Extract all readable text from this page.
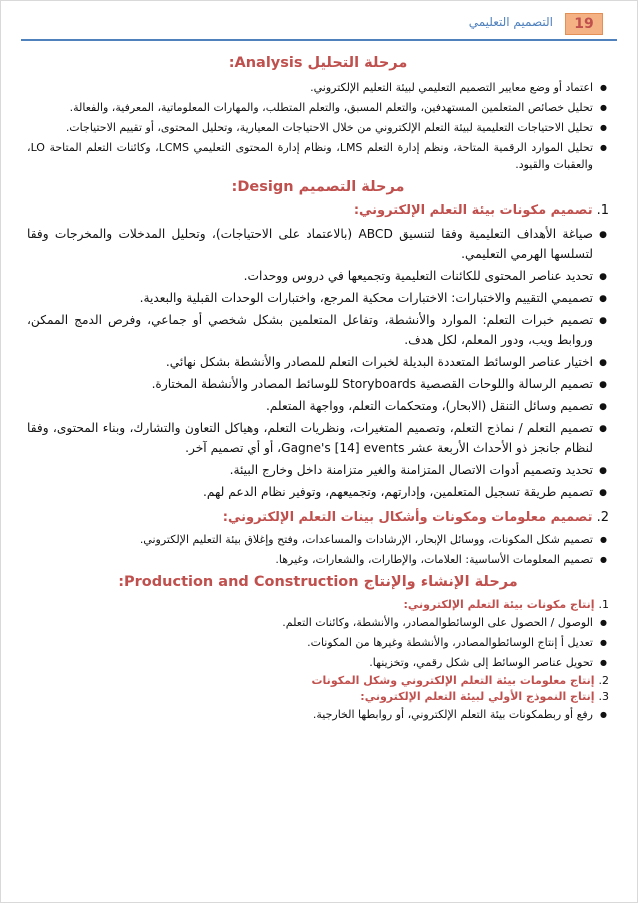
19
التصميم التعليمي
مرحلة التحليل Analysis:
● اعتماد أو وضع معايير التصميم التعليمي لبيئة التعليم الإلكتروني.
● تحليل خصائص المتعلمين المستهدفين، والتعلم المسبق، والتعلم المتطلب، والمهارات المعلوماتية، المعرفية، والفعالة.
● تحليل الاحتياجات التعليمية لبيئة التعلم الإلكتروني من خلال الاحتياجات المعيارية، وتحليل المحتوى، أو تقييم الاحتياجات.
● تحليل الموارد الرقمية المتاحة، ونظم إدارة التعلم LMS، ونظام إدارة المحتوى التعليمي LCMS، وكائنات التعلم المتاحة LO، والعقبات والقيود.
مرحلة التصميم Design:
1.تصميم مكونات بيئة التعلم الإلكتروني:
● صياغة الأهداف التعليمية وفقا لتنسيق ABCD (بالاعتماد على الاحتياجات)، وتحليل المدخلات والمخرجات وفقا لتسلسها الهرمي التعليمي.
● تحديد عناصر المحتوى للكائنات التعليمية وتجميعها في دروس ووحدات.
● تصميمي التقييم والاختبارات: الاختبارات محكية المرجع، واختبارات الوحدات القبلية والبعدية.
● تصميم خبرات التعلم: الموارد والأنشطة، وتفاعل المتعلمين بشكل شخصي أو جماعي، وفرص الدمج الممكن، وروابط ويب، ودور المعلم، لكل هدف.
● اختيار عناصر الوسائط المتعددة البديلة لخبرات التعلم للمصادر والأنشطة بشكل نهائي.
● تصميم الرسالة واللوحات القصصية Storyboards للوسائط المصادر والأنشطة المختارة.
● تصميم وسائل التنقل (الابحار)، ومتحكمات التعلم، وواجهة المتعلم.
● تصميم التعلم / نماذج التعلم، وتصميم المتغيرات، ونظريات التعلم، وهياكل التعاون والتشارك، وبناء المحتوى، وفقا لنظام جانجز ذو الأحداث الأربعة عشر Gagne's [14] events، أو أي تصميم آخر.
● تحديد وتصميم أدوات الاتصال المتزامنة والغير متزامنة داخل وخارج البيئة.
● تصميم طريقة تسجيل المتعلمين، وإدارتهم، وتجميعهم، وتوفير نظام الدعم لهم.
2.تصميم معلومات ومكونات وأشكال بينات التعلم الإلكتروني:
● تصميم شكل المكونات، ووسائل الإبحار، الإرشادات والمساعدات، وفتح وإغلاق بيئة التعليم الإلكتروني.
● تصميم المعلومات الأساسية: العلامات، والإطارات، والشعارات، وغيرها.
مرحلة الإنشاء والإنتاج Production and Construction:
1.إنتاج مكونات بيئة التعلم الإلكتروني:
● الوصول / الحصول على الوسائطوالمصادر، والأنشطة، وكائنات التعلم.
● تعديل أ إنتاج الوسائطوالمصادر، والأنشطة وغيرها من المكونات.
● تحويل عناصر الوسائط إلى شكل رقمي، وتخزينها.
2.إنتاج معلومات بيئة التعلم الإلكتروني وشكل المكونات
3.إنتاج النموذج الأولي لبيئة التعلم الإلكتروني:
● رفع أو ربطمكونات بيئة التعلم الإلكتروني، أو روابطها الخارجية.
